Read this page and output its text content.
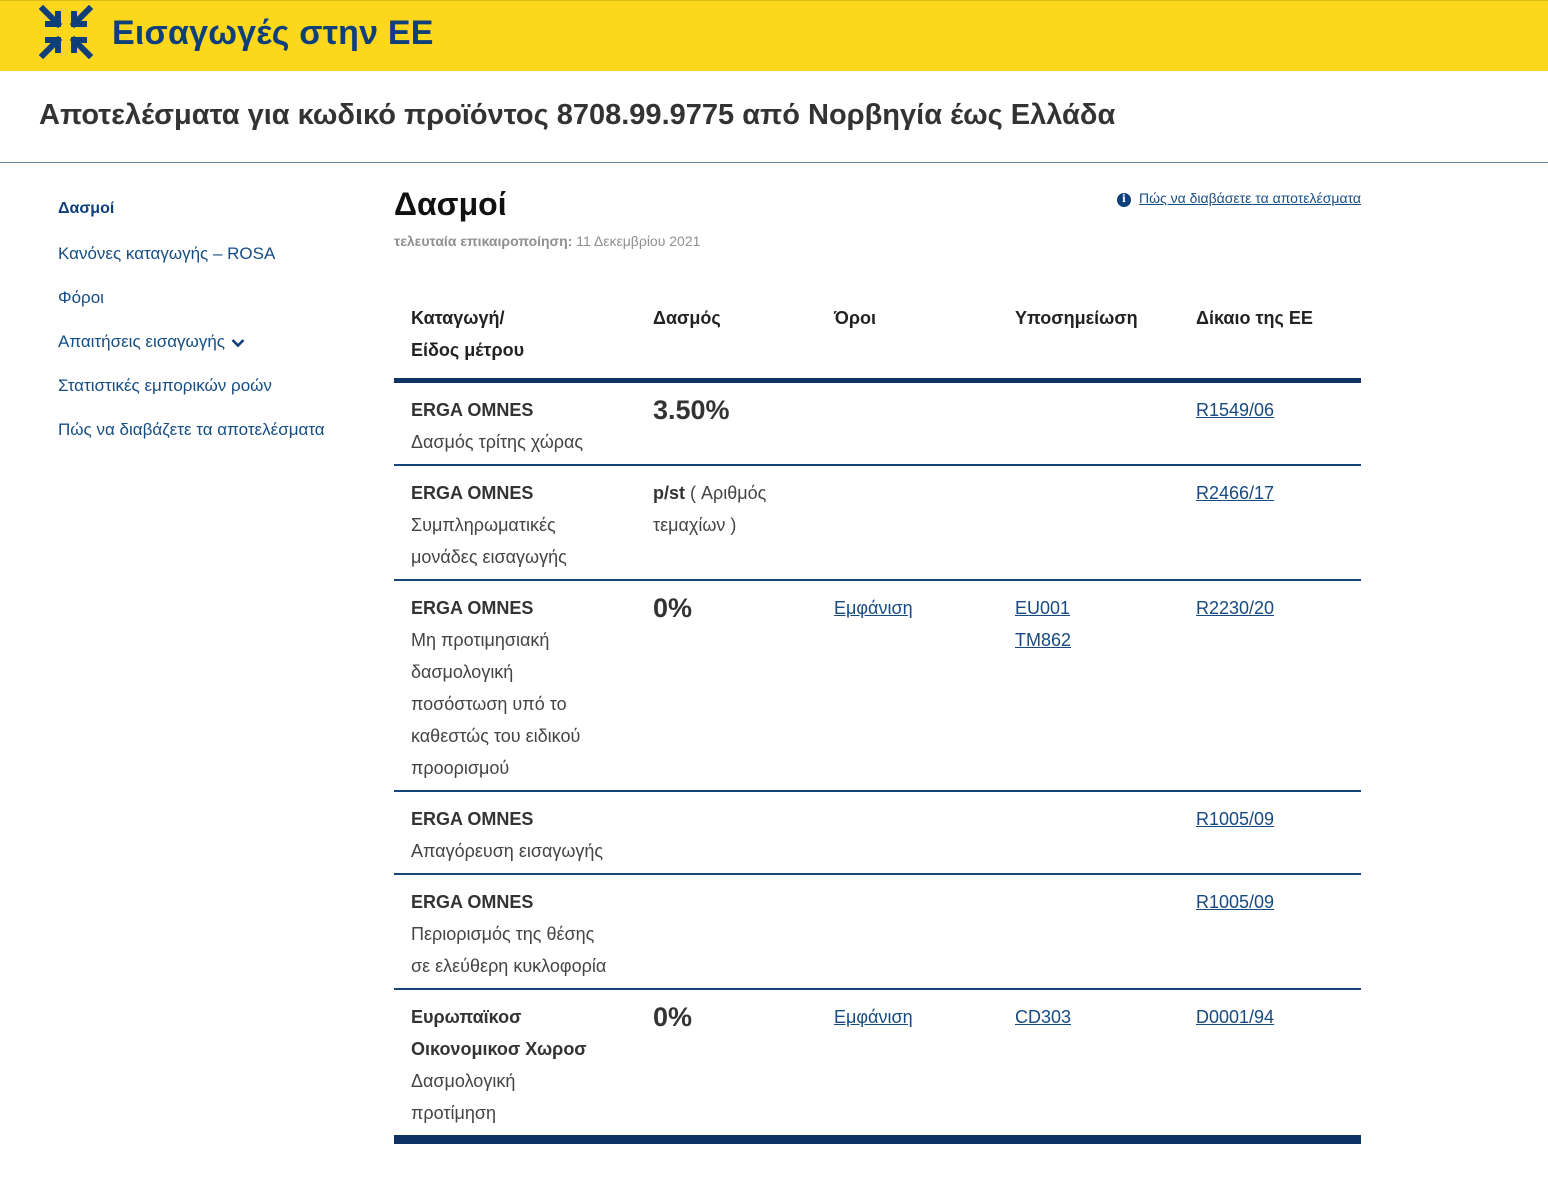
Εισαγωγές στην ΕΕ
Αποτελέσματα για κωδικό προϊόντος 8708.99.9775 από Νορβηγία έως Ελλάδα
Δασμοί
Κανόνες καταγωγής – ROSA
Φόροι
Απαιτήσεις εισαγωγής
Στατιστικές εμπορικών ροών
Πώς να διαβάζετε τα αποτελέσματα
Δασμοί
τελευταία επικαιροποίηση: 11 Δεκεμβρίου 2021
i Πώς να διαβάσετε τα αποτελέσματα
Καταγωγή/ Είδος μέτρου	Δασμός	Όροι	Υποσημείωση	Δίκαιο της ΕΕ

ERGA OMNES
Δασμός τρίτης χώρας	3.50%			R1549/06

ERGA OMNES
Συμπληρωματικές μονάδες εισαγωγής	p/st ( Αριθμός τεμαχίων )			R2466/17

ERGA OMNES
Μη προτιμησιακή δασμολογική ποσόστωση υπό το καθεστώς του ειδικού προορισμού	0%	Εμφάνιση	EU001
TM862	R2230/20

ERGA OMNES
Απαγόρευση εισαγωγής				R1005/09

ERGA OMNES
Περιορισμός της θέσης σε ελεύθερη κυκλοφορία				R1005/09

Ευρωπαϊκοσ Οικονομικοσ Χωροσ
Δασμολογική προτίμηση	0%	Εμφάνιση	CD303	D0001/94
